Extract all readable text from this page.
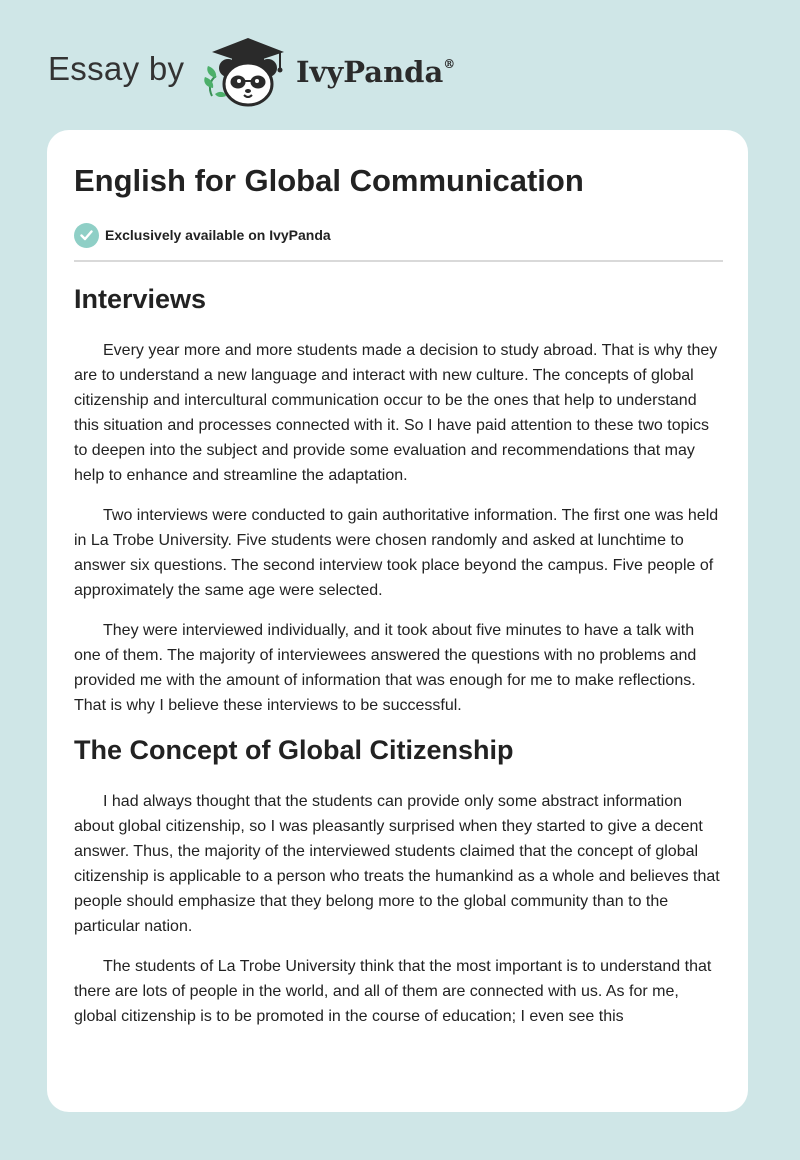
Essay by	IvyPanda®
English for Global Communication
Exclusively available on IvyPanda
Interviews

Every year more and more students made a decision to study abroad. That is why they are to understand a new language and interact with new culture. The concepts of global citizenship and intercultural communication occur to be the ones that help to understand this situation and processes connected with it. So I have paid attention to these two topics to deepen into the subject and provide some evaluation and recommendations that may help to enhance and streamline the adaptation.

Two interviews were conducted to gain authoritative information. The first one was held in La Trobe University. Five students were chosen randomly and asked at lunchtime to answer six questions. The second interview took place beyond the campus. Five people of approximately the same age were selected.

They were interviewed individually, and it took about five minutes to have a talk with one of them. The majority of interviewees answered the questions with no problems and provided me with the amount of information that was enough for me to make reflections. That is why I believe these interviews to be successful.

The Concept of Global Citizenship

I had always thought that the students can provide only some abstract information about global citizenship, so I was pleasantly surprised when they started to give a decent answer. Thus, the majority of the interviewed students claimed that the concept of global citizenship is applicable to a person who treats the humankind as a whole and believes that people should emphasize that they belong more to the global community than to the particular nation.

The students of La Trobe University think that the most important is to understand that there are lots of people in the world, and all of them are connected with us. As for me, global citizenship is to be promoted in the course of education; I even see this
